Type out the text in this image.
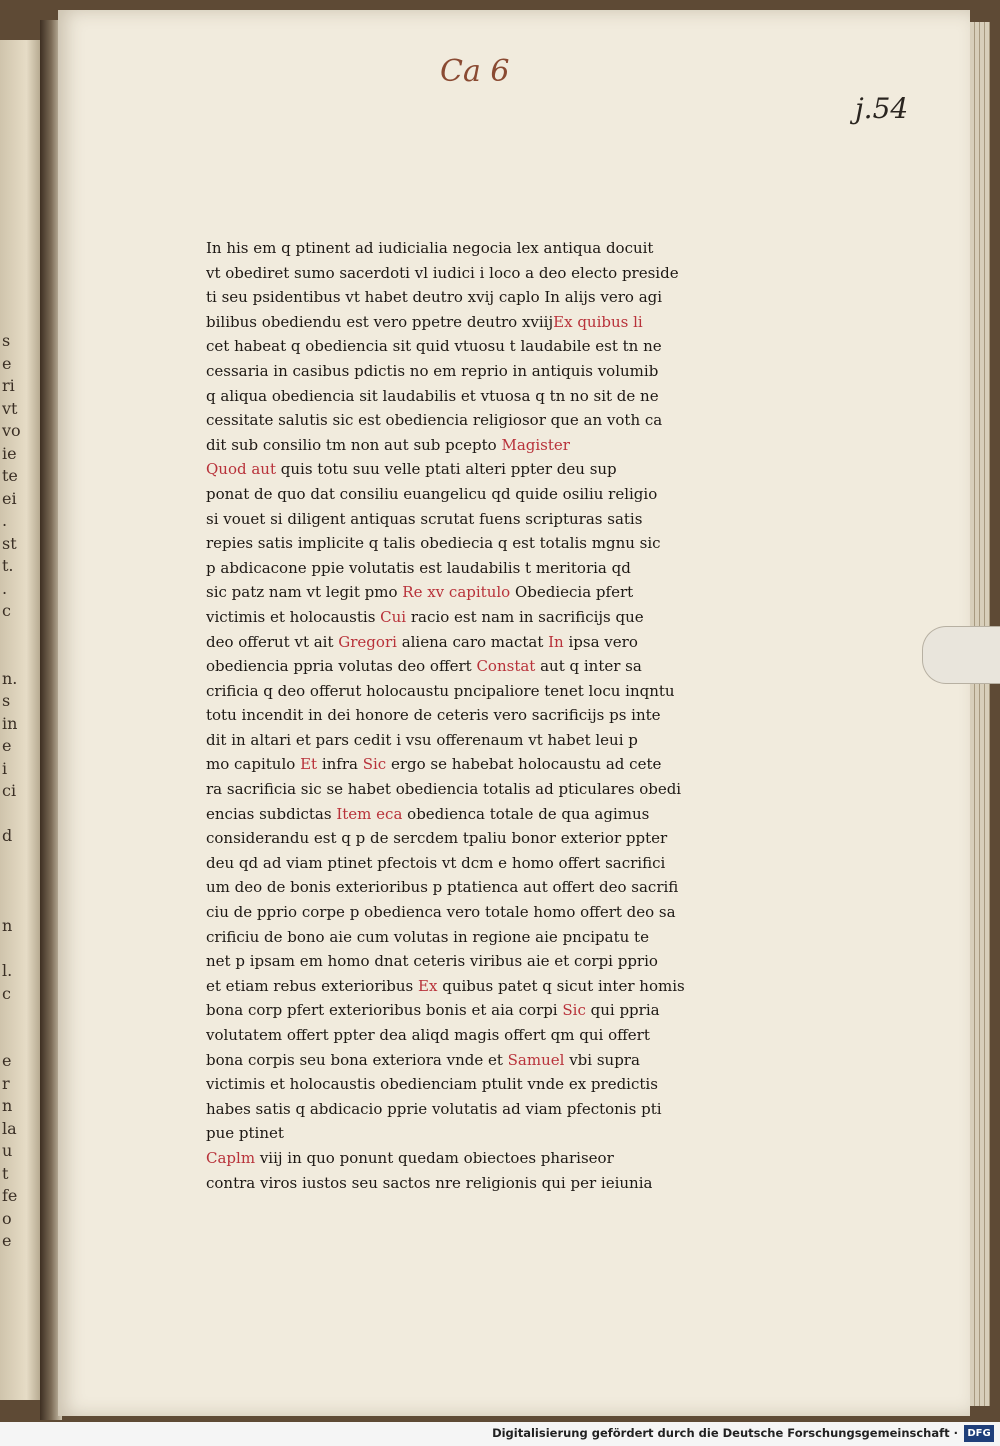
s
e
ri
vt
vo
ie
te
ei
.
st
t.
.
c

n.
s
in
e
i
ci

d

n

l.
c

e
r
n
la
u
t
fe
o
e
Ca 6
j.54
In his em q ptinent ad iudicialia negocia lex antiqua docuit
vt obediret sumo sacerdoti vl iudici i loco a deo electo preside
ti seu psidentibus vt habet deutro xvij caplo In alijs vero agi
bilibus obediendu est vero ppetre deutro xviijEx quibus li
cet habeat q obediencia sit quid vtuosu t laudabile est tn ne
cessaria in casibus pdictis no em reprio in antiquis volumib
q aliqua obediencia sit laudabilis et vtuosa q tn no sit de ne
cessitate salutis sic est obediencia religiosor que an voth ca
dit sub consilio tm non aut sub pcepto Magister
Quod aut quis totu suu velle ptati alteri ppter deu sup
ponat de quo dat consiliu euangelicu qd quide osiliu religio
si vouet si diligent antiquas scrutat fuens scripturas satis
repies satis implicite q talis obediecia q est totalis mgnu sic
p abdicacone ppie volutatis est laudabilis t meritoria qd
sic patz nam vt legit pmo Re xv capitulo Obediecia pfert
victimis et holocaustis Cui racio est nam in sacrificijs que
deo offerut vt ait Gregori aliena caro mactat In ipsa vero
obediencia ppria volutas deo offert Constat aut q inter sa
crificia q deo offerut holocaustu pncipaliore tenet locu inqntu
totu incendit in dei honore de ceteris vero sacrificijs ps inte
dit in altari et pars cedit i vsu offerenaum vt habet leui p
mo capitulo Et infra Sic ergo se habebat holocaustu ad cete
ra sacrificia sic se habet obediencia totalis ad pticulares obedi
encias subdictas Item eca obedienca totale de qua agimus
considerandu est q p de sercdem tpaliu bonor exterior ppter
deu qd ad viam ptinet pfectois vt dcm e homo offert sacrifici
um deo de bonis exterioribus p ptatienca aut offert deo sacrifi
ciu de pprio corpe p obedienca vero totale homo offert deo sa
crificiu de bono aie cum volutas in regione aie pncipatu te
net p ipsam em homo dnat ceteris viribus aie et corpi pprio
et etiam rebus exterioribus Ex quibus patet q sicut inter homis
bona corp pfert exterioribus bonis et aia corpi Sic qui ppria
volutatem offert ppter dea aliqd magis offert qm qui offert
bona corpis seu bona exteriora vnde et Samuel vbi supra
victimis et holocaustis obedienciam ptulit vnde ex predictis
habes satis q abdicacio pprie volutatis ad viam pfectonis pti
pue ptinet
Caplm viij in quo ponunt quedam obiectoes phariseor
contra viros iustos seu sactos nre religionis qui per ieiunia
Digitalisierung gefördert durch die Deutsche Forschungsgemeinschaft · DFG
